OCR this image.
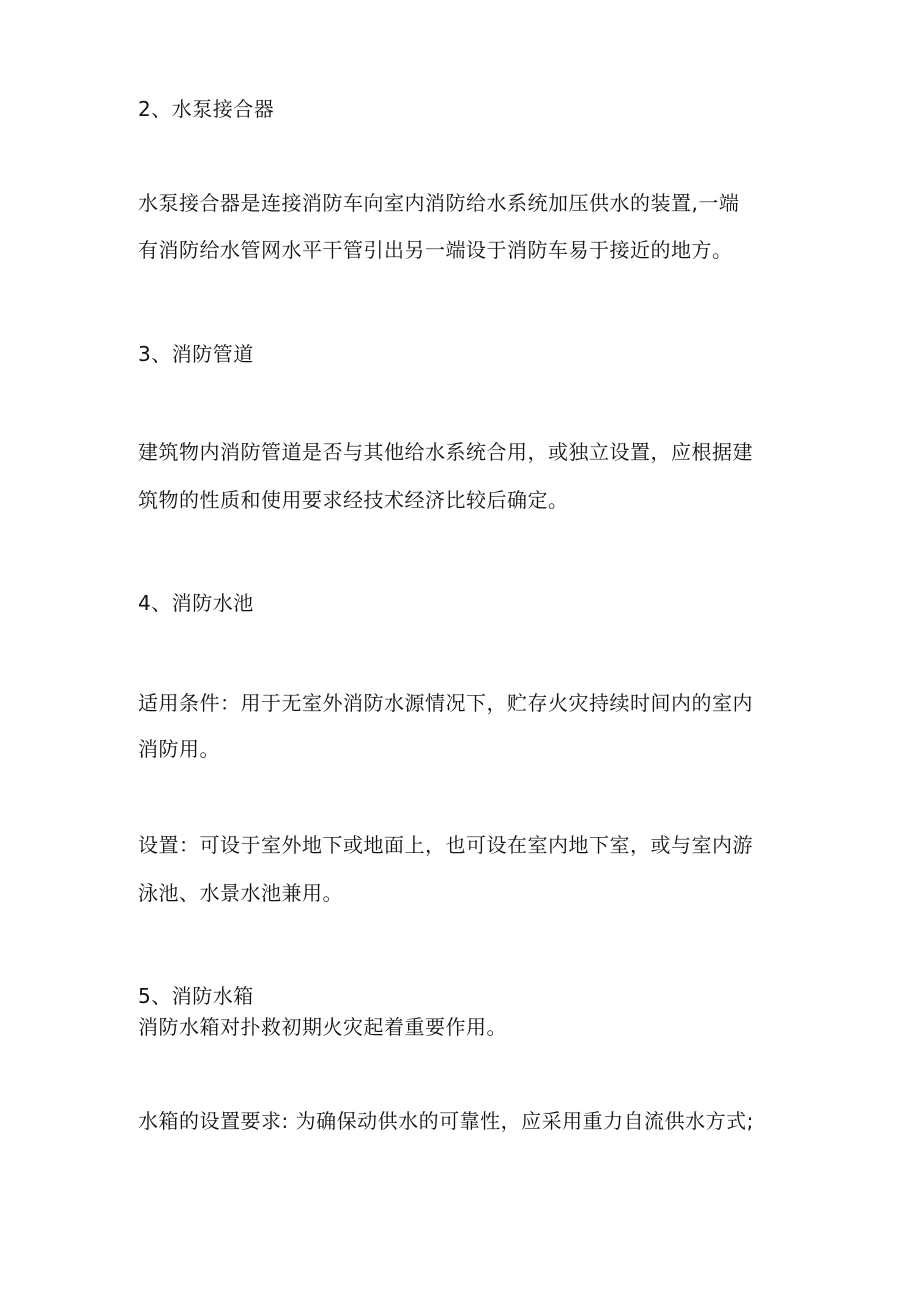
2、水泵接合器
水泵接合器是连接消防车向室内消防给水系统加压供水的装置,一端
有消防给水管网水平干管引出另一端设于消防车易于接近的地方。
3、消防管道
建筑物内消防管道是否与其他给水系统合用，或独立设置，应根据建
筑物的性质和使用要求经技术经济比较后确定。
4、消防水池
适用条件：用于无室外消防水源情况下，贮存火灾持续时间内的室内
消防用。
设置：可设于室外地下或地面上，也可设在室内地下室，或与室内游
泳池、水景水池兼用。
5、消防水箱
消防水箱对扑救初期火灾起着重要作用。
水箱的设置要求: 为确保动供水的可靠性，应采用重力自流供水方式;
